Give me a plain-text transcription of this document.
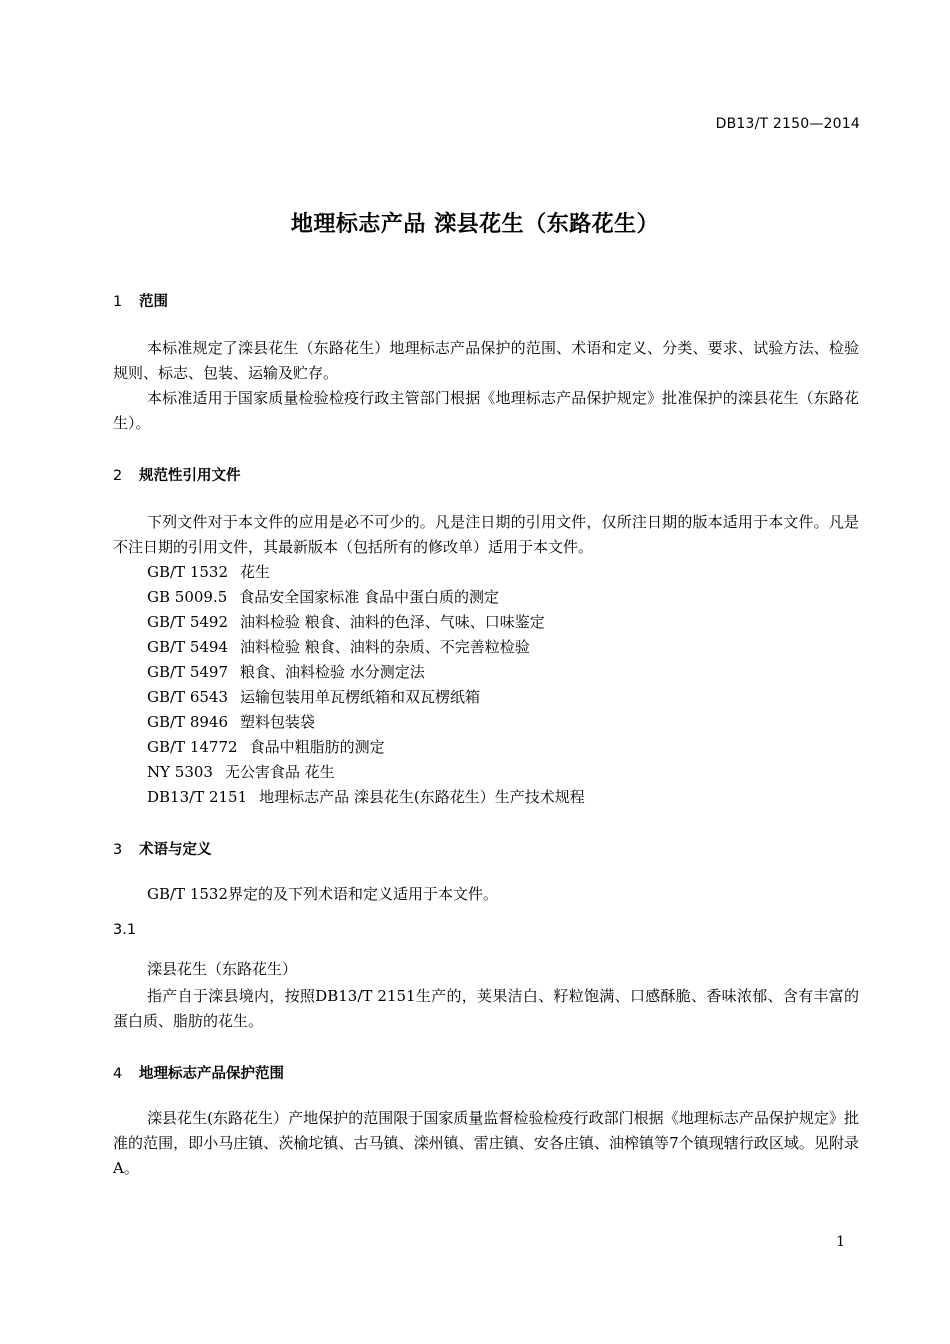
DB13/T 2150—2014
地理标志产品 滦县花生（东路花生）
1 范围
本标准规定了滦县花生（东路花生）地理标志产品保护的范围、术语和定义、分类、要求、试验方法、检验规则、标志、包装、运输及贮存。
本标准适用于国家质量检验检疫行政主管部门根据《地理标志产品保护规定》批准保护的滦县花生（东路花生）。
2 规范性引用文件
下列文件对于本文件的应用是必不可少的。凡是注日期的引用文件，仅所注日期的版本适用于本文件。凡是不注日期的引用文件，其最新版本（包括所有的修改单）适用于本文件。
GB/T 1532 花生
GB 5009.5 食品安全国家标准 食品中蛋白质的测定
GB/T 5492 油料检验 粮食、油料的色泽、气味、口味鉴定
GB/T 5494 油料检验 粮食、油料的杂质、不完善粒检验
GB/T 5497 粮食、油料检验 水分测定法
GB/T 6543 运输包装用单瓦楞纸箱和双瓦楞纸箱
GB/T 8946 塑料包装袋
GB/T 14772 食品中粗脂肪的测定
NY 5303 无公害食品 花生
DB13/T 2151 地理标志产品 滦县花生(东路花生）生产技术规程
3 术语与定义
GB/T 1532界定的及下列术语和定义适用于本文件。
3.1
滦县花生（东路花生）
指产自于滦县境内，按照DB13/T 2151生产的，荚果洁白、籽粒饱满、口感酥脆、香味浓郁、含有丰富的蛋白质、脂肪的花生。
4 地理标志产品保护范围
滦县花生(东路花生）产地保护的范围限于国家质量监督检验检疫行政部门根据《地理标志产品保护规定》批准的范围，即小马庄镇、茨榆坨镇、古马镇、滦州镇、雷庄镇、安各庄镇、油榨镇等7个镇现辖行政区域。见附录A。
1
